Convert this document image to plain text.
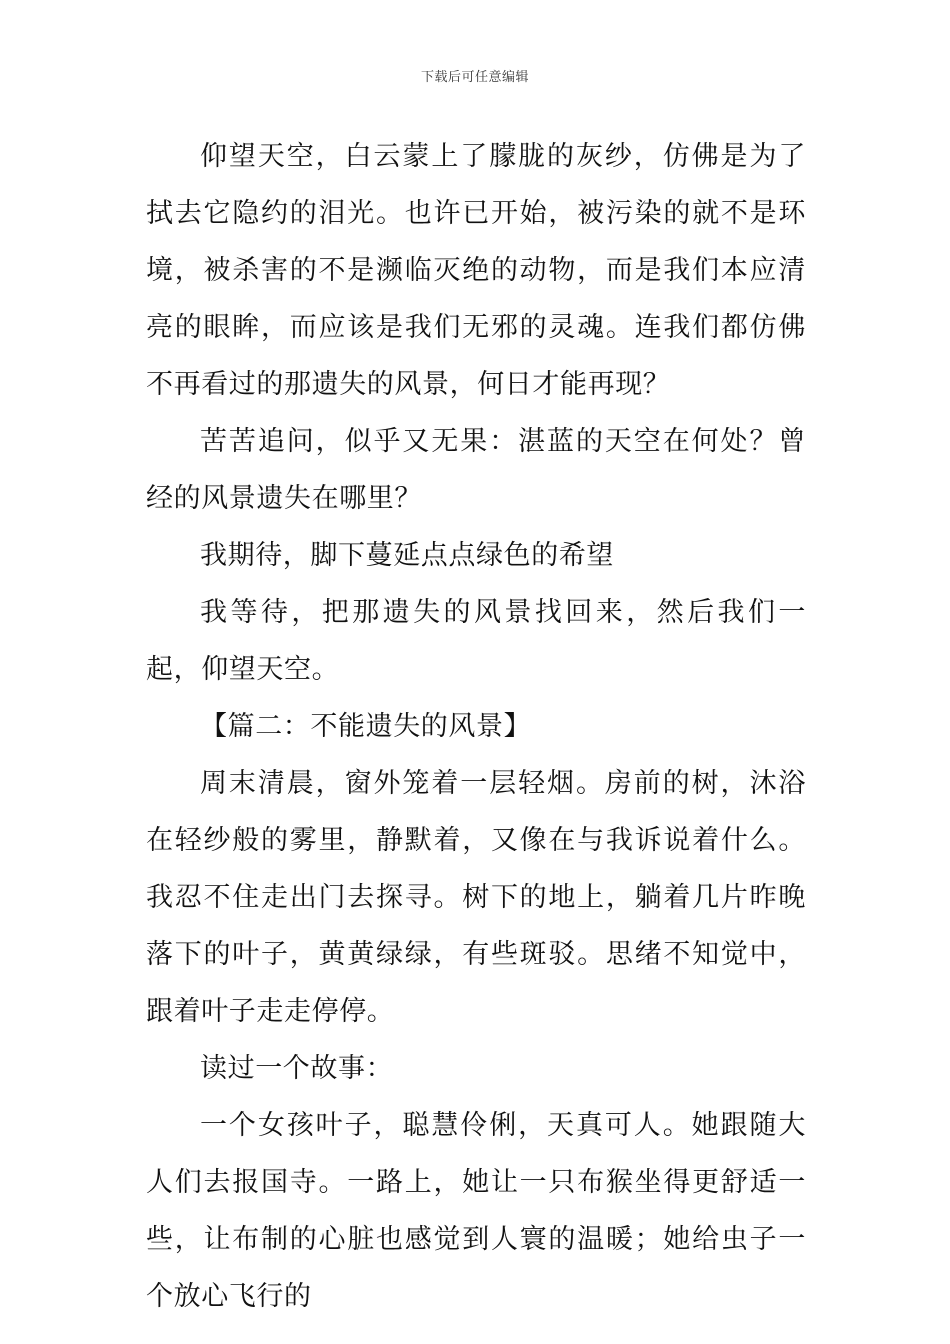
下载后可任意编辑

仰望天空，白云蒙上了朦胧的灰纱，仿佛是为了拭去它隐约的泪光。也许已开始，被污染的就不是环境，被杀害的不是濒临灭绝的动物，而是我们本应清亮的眼眸，而应该是我们无邪的灵魂。连我们都仿佛不再看过的那遗失的风景，何日才能再现？

苦苦追问，似乎又无果：湛蓝的天空在何处？曾经的风景遗失在哪里？

我期待，脚下蔓延点点绿色的希望

我等待，把那遗失的风景找回来，然后我们一起，仰望天空。

【篇二：不能遗失的风景】

周末清晨，窗外笼着一层轻烟。房前的树，沐浴在轻纱般的雾里，静默着，又像在与我诉说着什么。我忍不住走出门去探寻。树下的地上，躺着几片昨晚落下的叶子，黄黄绿绿，有些斑驳。思绪不知觉中，跟着叶子走走停停。

读过一个故事：

一个女孩叶子，聪慧伶俐，天真可人。她跟随大人们去报国寺。一路上，她让一只布猴坐得更舒适一些，让布制的心脏也感觉到人寰的温暖；她给虫子一个放心飞行的
